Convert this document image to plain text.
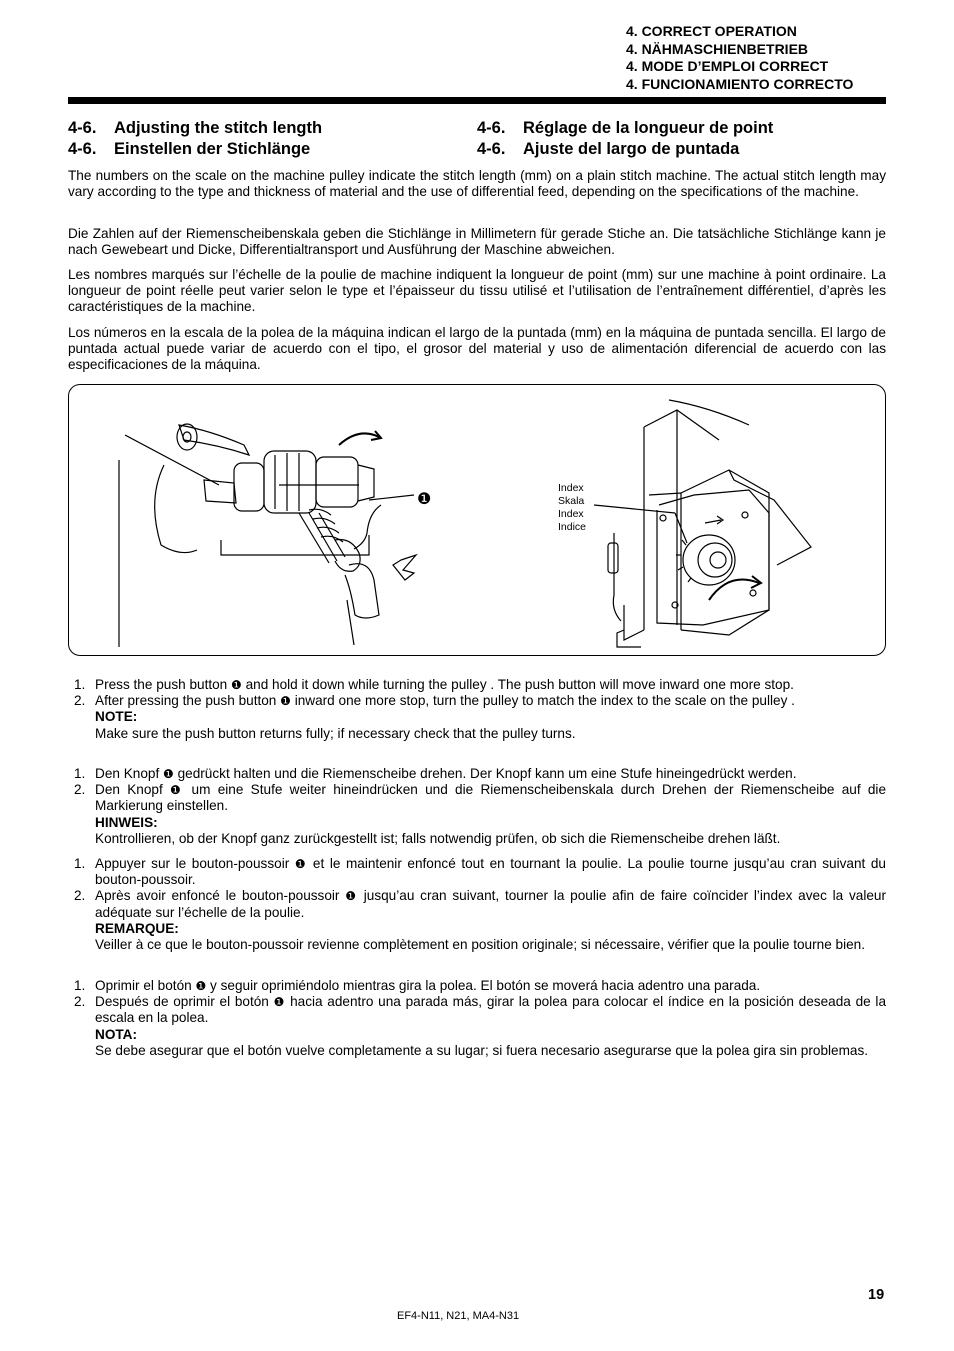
4. CORRECT OPERATION
4. NÄHMASCHIENBETRIEB
4. MODE D’EMPLOI CORRECT
4. FUNCIONAMIENTO CORRECTO
4-6. Adjusting the stitch length
4-6. Einstellen der Stichlänge
4-6. Réglage de la longueur de point
4-6. Ajuste del largo de puntada
The numbers on the scale on the machine pulley indicate the stitch length (mm) on a plain stitch machine. The actual stitch length may vary according to the type and thickness of material and the use of differential feed, depending on the specifications of the machine.
Die Zahlen auf der Riemenscheibenskala geben die Stichlänge in Millimetern für gerade Stiche an. Die tatsächliche Stichlänge kann je nach Gewebeart und Dicke, Differentialtransport und Ausführung der Maschine abweichen.
Les nombres marqués sur l’échelle de la poulie de machine indiquent la longueur de point (mm) sur une machine à point ordinaire. La longueur de point réelle peut varier selon le type et l’épaisseur du tissu utilisé et l’utilisation de l’entraînement différentiel, d’après les caractéristiques de la machine.
Los números en la escala de la polea de la máquina indican el largo de la puntada (mm) en la máquina de puntada sencilla. El largo de puntada actual puede variar de acuerdo con el tipo, el grosor del material y uso de alimentación diferencial de acuerdo con las especificaciones de la máquina.
❶
Index
Skala
Index
Indice
1. Press the push button ❶ and hold it down while turning the pulley . The push button will move inward one more stop.
2. After pressing the push button ❶ inward one more stop, turn the pulley to match the index to the scale on the pulley .
NOTE:
Make sure the push button returns fully; if necessary check that the pulley turns.
1. Den Knopf ❶ gedrückt halten und die Riemenscheibe drehen. Der Knopf kann um eine Stufe hineingedrückt werden.
2. Den Knopf ❶ um eine Stufe weiter hineindrücken und die Riemenscheibenskala durch Drehen der Riemenscheibe auf die Markierung einstellen.
HINWEIS:
Kontrollieren, ob der Knopf ganz zurückgestellt ist; falls notwendig prüfen, ob sich die Riemenscheibe drehen läßt.
1. Appuyer sur le bouton-poussoir ❶ et le maintenir enfoncé tout en tournant la poulie. La poulie tourne jusqu’au cran suivant du bouton-poussoir.
2. Après avoir enfoncé le bouton-poussoir ❶ jusqu’au cran suivant, tourner la poulie afin de faire coïncider l’index avec la valeur adéquate sur l’échelle de la poulie.
REMARQUE:
Veiller à ce que le bouton-poussoir revienne complètement en position originale; si nécessaire, vérifier que la poulie tourne bien.
1. Oprimir el botón ❶ y seguir oprimiéndolo mientras gira la polea. El botón se moverá hacia adentro una parada.
2. Después de oprimir el botón ❶ hacia adentro una parada más, girar la polea para colocar el índice en la posición deseada de la escala en la polea.
NOTA:
Se debe asegurar que el botón vuelve completamente a su lugar; si fuera necesario asegurarse que la polea gira sin problemas.
19
EF4-N11, N21, MA4-N31
